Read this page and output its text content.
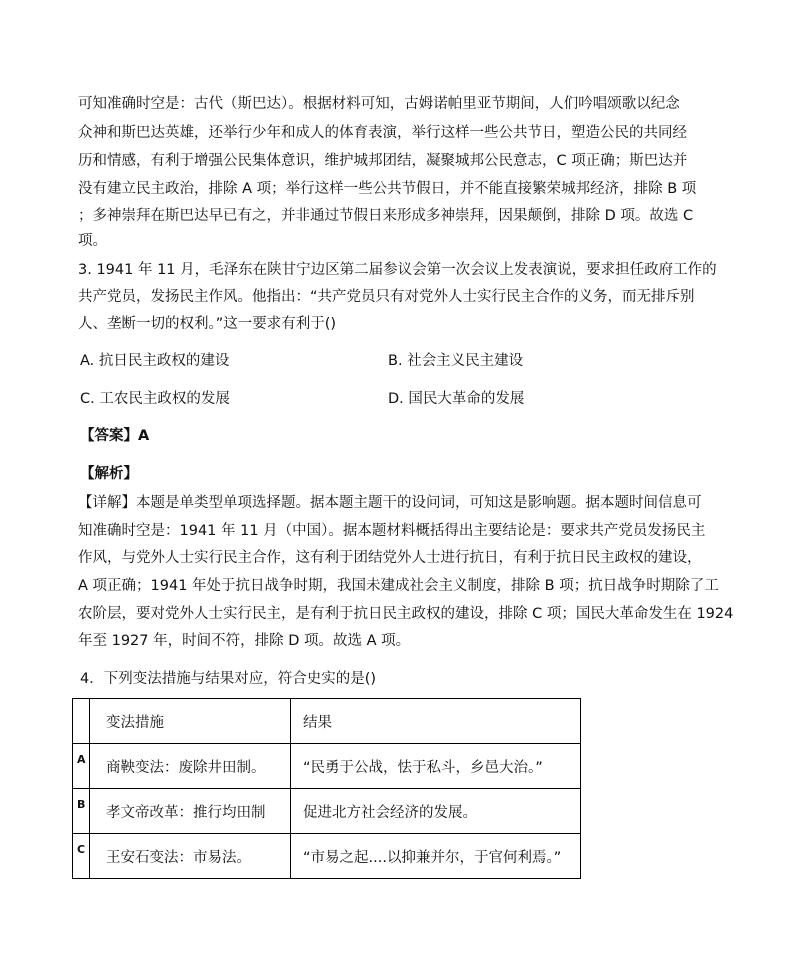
可知准确时空是：古代（斯巴达）。根据材料可知，古姆诺帕里亚节期间，人们吟唱颂歌以纪念
众神和斯巴达英雄，还举行少年和成人的体育表演，举行这样一些公共节日，塑造公民的共同经
历和情感，有利于增强公民集体意识，维护城邦团结，凝聚城邦公民意志，C 项正确；斯巴达并
没有建立民主政治，排除 A 项；举行这样一些公共节假日，并不能直接繁荣城邦经济，排除 B 项
；多神崇拜在斯巴达早已有之，并非通过节假日来形成多神崇拜，因果颠倒，排除 D 项。故选 C
项。
3. 1941 年 11 月，毛泽东在陕甘宁边区第二届参议会第一次会议上发表演说，要求担任政府工作的
共产党员，发扬民主作风。他指出：“共产党员只有对党外人士实行民主合作的义务，而无排斥别
人、垄断一切的权利。”这一要求有利于()
A. 抗日民主政权的建设	B. 社会主义民主建设
C. 工农民主政权的发展	D. 国民大革命的发展
【答案】A
【解析】
【详解】本题是单类型单项选择题。据本题主题干的设问词，可知这是影响题。据本题时间信息可
知准确时空是：1941 年 11 月（中国）。据本题材料概括得出主要结论是：要求共产党员发扬民主
作风，与党外人士实行民主合作，这有利于团结党外人士进行抗日，有利于抗日民主政权的建设，
A 项正确；1941 年处于抗日战争时期，我国未建成社会主义制度，排除 B 项；抗日战争时期除了工
农阶层，要对党外人士实行民主，是有利于抗日民主政权的建设，排除 C 项；国民大革命发生在 1924
年至 1927 年，时间不符，排除 D 项。故选 A 项。
4．下列变法措施与结果对应，符合史实的是()
	变法措施	结果
A	商鞅变法：废除井田制。	“民勇于公战，怯于私斗，乡邑大治。”
B	孝文帝改革：推行均田制	促进北方社会经济的发展。
C	王安石变法：市易法。	“市易之起....以抑兼并尔，于官何利焉。”
